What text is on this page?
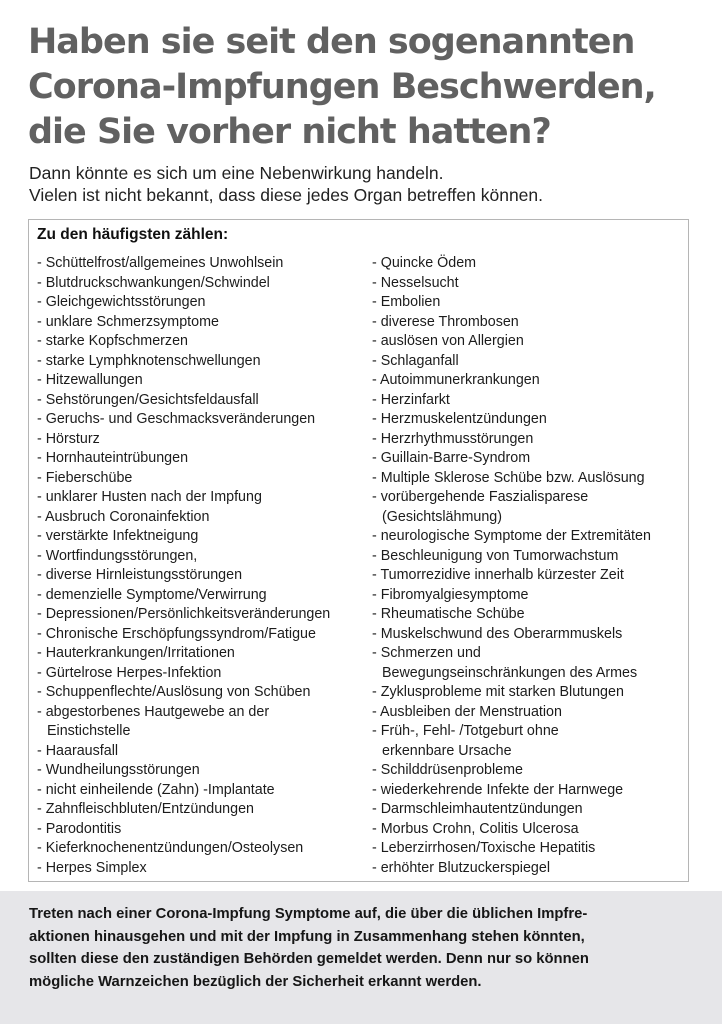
Haben sie seit den sogenannten
Corona-Impfungen Beschwerden,
die Sie vorher nicht hatten?
Dann könnte es sich um eine Nebenwirkung handeln.
Vielen ist nicht bekannt, dass diese jedes Organ betreffen können.
Zu den häufigsten zählen:
- Schüttelfrost/allgemeines Unwohlsein
- Blutdruckschwankungen/Schwindel
- Gleichgewichtsstörungen
- unklare Schmerzsymptome
- starke Kopfschmerzen
- starke Lymphknotenschwellungen
- Hitzewallungen
- Sehstörungen/Gesichtsfeldausfall
- Geruchs- und Geschmacksveränderungen
- Hörsturz
- Hornhauteintrübungen
- Fieberschübe
- unklarer Husten nach der Impfung
- Ausbruch Coronainfektion
- verstärkte Infektneigung
- Wortfindungsstörungen,
- diverse Hirnleistungsstörungen
- demenzielle Symptome/Verwirrung
- Depressionen/Persönlichkeitsveränderungen
- Chronische Erschöpfungssyndrom/Fatigue
- Hauterkrankungen/Irritationen
- Gürtelrose Herpes-Infektion
- Schuppenflechte/Auslösung von Schüben
- abgestorbenes Hautgewebe an der
Einstichstelle
- Haarausfall
- Wundheilungsstörungen
- nicht einheilende (Zahn) -Implantate
- Zahnfleischbluten/Entzündungen
- Parodontitis
- Kieferknochenentzündungen/Osteolysen
- Herpes Simplex
- Quincke Ödem
- Nesselsucht
- Embolien
- diverese Thrombosen
- auslösen von Allergien
- Schlaganfall
- Autoimmunerkrankungen
- Herzinfarkt
- Herzmuskelentzündungen
- Herzrhythmusstörungen
- Guillain-Barre-Syndrom
- Multiple Sklerose Schübe bzw. Auslösung
- vorübergehende Faszialisparese
(Gesichtslähmung)
- neurologische Symptome der Extremitäten
- Beschleunigung von Tumorwachstum
- Tumorrezidive innerhalb kürzester Zeit
- Fibromyalgiesymptome
- Rheumatische Schübe
- Muskelschwund des Oberarmmuskels
- Schmerzen und
Bewegungseinschränkungen des Armes
- Zyklusprobleme mit starken Blutungen
- Ausbleiben der Menstruation
- Früh-, Fehl- /Totgeburt ohne
erkennbare Ursache
- Schilddrüsenprobleme
- wiederkehrende Infekte der Harnwege
- Darmschleimhautentzündungen
- Morbus Crohn, Colitis Ulcerosa
- Leberzirrhosen/Toxische Hepatitis
- erhöhter Blutzuckerspiegel
Treten nach einer Corona-Impfung Symptome auf, die über die üblichen Impfre-
aktionen hinausgehen und mit der Impfung in Zusammenhang stehen könnten,
sollten diese den zuständigen Behörden gemeldet werden. Denn nur so können
mögliche Warnzeichen bezüglich der Sicherheit erkannt werden.
